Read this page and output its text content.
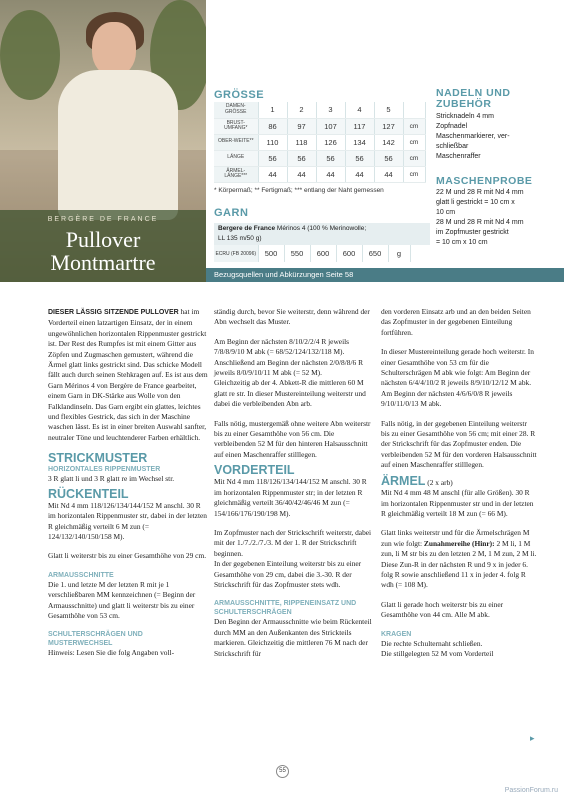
BERGÈRE DE FRANCE
Pullover
Montmartre
GRÖSSE
DAMEN-GRÖSSE	1	2	3	4	5	
BRUST-UMFANG*	86	97	107	117	127	cm
OBER-WEITE**	110	118	126	134	142	cm
LÄNGE	56	56	56	56	56	cm
ÄRMEL-LÄNGE***	44	44	44	44	44	cm
* Körpermaß; ** Fertigmaß; *** entlang der Naht gemessen
GARN
Bergere de France Mérinos 4 (100 % Merinowolle;
LL 135 m/50 g)
ECRU (FB 20096)	500	550	600	600	650	g
Bezugsquellen und Abkürzungen Seite 58
NADELN UND ZUBEHÖR
Stricknadeln 4 mm
Zopfnadel
Maschenmarkierer, ver-
schließbar
Maschenraffer
MASCHENPROBE
22 M und 28 R mit Nd 4 mm
glatt li gestrickt = 10 cm x
10 cm
28 M und 28 R mit Nd 4 mm
im Zopfmuster gestrickt
= 10 cm x 10 cm

DIESER LÄSSIG SITZENDE PULLOVER hat im Vorderteil einen latzartigen Einsatz, der in einem ungewöhnlichen horizontalen Rippenmuster gestrickt ist. Der Rest des Rumpfes ist mit einem Gitter aus Zöpfen und Zugmaschen gemustert, während die Ärmel glatt links gestrickt sind. Das schicke Modell fällt auch durch seinen Stehkragen auf. Es ist aus dem Garn Mérinos 4 von Bergère de France gearbeitet, einem Garn in DK-Stärke aus Wolle von den Falklandinseln. Das Garn ergibt ein glattes, leichtes und flexibles Gestrick, das sich in der Maschine waschen lässt. Es ist in einer breiten Auswahl sanfter, neutraler Töne und leuchtenderer Farben erhältlich.

STRICKMUSTER
HORIZONTALES RIPPENMUSTER

3 R glatt li und 3 R glatt re im Wechsel str.

RÜCKENTEIL

Mit Nd 4 mm 118/126/134/144/152 M anschl. 30 R im horizontalen Rippenmuster str, dabei in der letzten R gleichmäßig verteilt 6 M zun (= 124/132/140/150/158 M).

Glatt li weiterstr bis zu einer Gesamthöhe von 29 cm.

ARMAUSSCHNITTE

Die 1. und letzte M der letzten R mit je 1 verschließbaren MM kennzeichnen (= Beginn der Armausschnitte) und glatt li weiterstr bis zu einer Gesamthöhe von 53 cm.

SCHULTERSCHRÄGEN UND MUSTERWECHSEL

Hinweis: Lesen Sie die folg Angaben voll-

ständig durch, bevor Sie weiterstr, denn während der Abn wechselt das Muster.

Am Beginn der nächsten 8/10/2/2/4 R jeweils 7/8/8/9/10 M abk (= 68/52/124/132/118 M).

Anschließend am Beginn der nächsten 2/0/8/8/6 R jeweils 8/0/9/10/11 M abk (= 52 M).

Gleichzeitig ab der 4. Abkett-R die mittleren 60 M glatt re str. In dieser Mustereinteilung weiterstr und dabei die verbleibenden Abn arb.

Falls nötig, mustergemäß ohne weitere Abn weiterstr bis zu einer Gesamthöhe von 56 cm. Die verbleibenden 52 M für den hinteren Halsausschnitt auf einen Maschenraffer stilllegen.

VORDERTEIL

Mit Nd 4 mm 118/126/134/144/152 M anschl. 30 R im horizontalen Rippenmuster str; in der letzten R gleichmäßig verteilt 36/40/42/46/46 M zun (= 154/166/176/190/198 M).

Im Zopfmuster nach der Strickschrift weiterstr, dabei mit der 1./7./2./7./3. M der 1. R der Strickschrift beginnen.

In der gegebenen Einteilung weiterstr bis zu einer Gesamthöhe von 29 cm, dabei die 3.-30. R der Strickschrift für das Zopfmuster stets wdh.

ARMAUSSCHNITTE, RIPPENEINSATZ UND SCHULTERSCHRÄGEN

Den Beginn der Armausschnitte wie beim Rückenteil durch MM an den Außenkanten des Strickteils markieren. Gleichzeitig die mittleren 76 M nach der Strickschrift für

den vorderen Einsatz arb und an den beiden Seiten das Zopfmuster in der gegebenen Einteilung fortführen.

In dieser Mustereinteilung gerade hoch weiterstr. In einer Gesamthöhe von 53 cm für die Schulterschrägen M abk wie folgt: Am Beginn der nächsten 6/4/4/10/2 R jeweils 8/9/10/12/12 M abk. Am Beginn der nächsten 4/6/6/0/8 R jeweils 9/10/11/0/13 M abk.

Falls nötig, in der gegebenen Einteilung weiterstr bis zu einer Gesamthöhe von 56 cm; mit einer 28. R der Strickschrift für das Zopfmuster enden. Die verbleibenden 52 M für den vorderen Halsausschnitt auf einen Maschenraffer stilllegen.

ÄRMEL (2 x arb)

Mit Nd 4 mm 48 M anschl (für alle Größen). 30 R im horizontalen Rippenmuster str und in der letzten R gleichmäßig verteilt 18 M zun (= 66 M).

Glatt links weiterstr und für die Ärmelschrägen M zun wie folgt: Zunahmereihe (Hinr): 2 M li, 1 M zun, li M str bis zu den letzten 2 M, 1 M zun, 2 M li. Diese Zun-R in der nächsten R und 9 x in jeder 6. folg R sowie anschließend 11 x in jeder 4. folg R wdh (= 108 M).

Glatt li gerade hoch weiterstr bis zu einer Gesamthöhe von 44 cm. Alle M abk.

KRAGEN

Die rechte Schulternaht schließen.
Die stillgelegten 52 M vom Vorderteil

▸
55
PassionForum.ru
